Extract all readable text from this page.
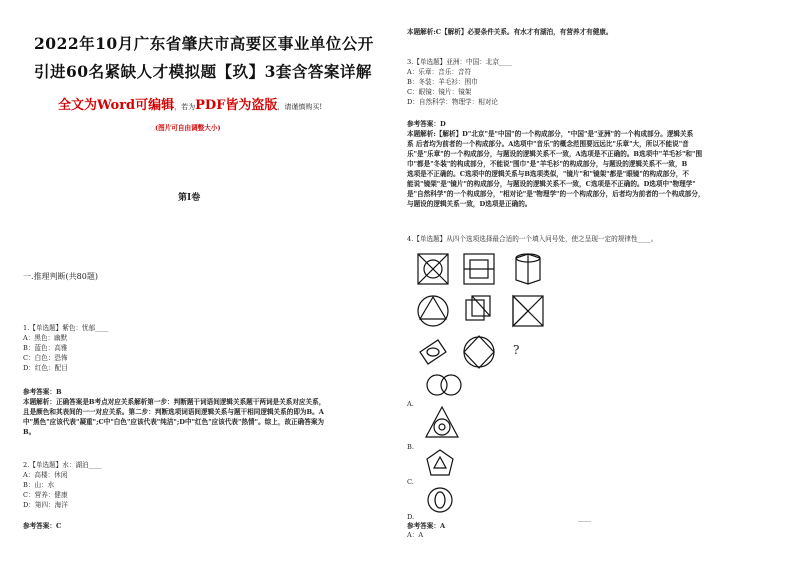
2022年10月广东省肇庆市高要区事业单位公开
引进60名紧缺人才模拟题【玖】3套含答案详解
全文为Word可编辑，若为PDF皆为盗版，请谨慎购买!
(图片可自由调整大小)
第Ⅰ卷
一.推理判断(共80题)
1.【单选题】紫色：忧郁____
A：黑色：幽默
B：蓝色：高雅
C：白色：恐怖
D：红色：配目
参考答案：B
本题解析：正确答案是B考点对应关系解析第一步：判断题干词语间逻辑关系题干两词是关系对应关系，
且是颜色和其表间的一一对应关系。第二步：判断选项词语间逻辑关系与题干相同逻辑关系的即为B。A
中"黑色"应该代表"凝重";C中"白色"应该代表"纯洁";D中"红色"应该代表"热情"。综上，故正确答案为
B。
2.【单选题】水：湖泊____
A：高楼：休闲
B：山：水
C：营养：健康
D：第四：海洋
参考答案：C
本题解析:C【解析】必要条件关系。有水才有湖泊，有营养才有健康。
3.【单选题】亚洲：中国：北京____
A：乐章：音乐：音符
B：冬装：羊毛衫：围巾
C：眼镜：镜片：镜架
D：自然科学：物理学：相对论
参考答案：D
本题解析:【解析】D"北京"是"中国"的一个构成部分，"中国"是"亚洲"的一个构成部分。逻辑关系
系 后者均为前者的一个构成部分。A选项中"音乐"的概念范围要远远比"乐章"大，所以不能说"音
乐"是"乐章"的一个构成部分，与题设的逻辑关系不一致，A选项是不正确的。B选项中"羊毛衫"和"围
巾"都是"冬装"的构成部分，不能说"围巾"是"羊毛衫"的构成部分，与题设的逻辑关系不一致，B
选项是不正确的。C选项中的逻辑关系与B选项类似，"镜片"和"镜架"都是"眼镜"的构成部分，不
能说"镜架"是"镜片"的构成部分，与题设的逻辑关系不一致，C选项是不正确的。D选项中"物理学"
是"自然科学"的一个构成部分，"相对论"是"物理学"的一个构成部分，后者均为前者的一个构成部分，
与题设的逻辑关系一致，D选项是正确的。
4.【单选题】从四个选项选择最合适的一个填入问号处，使之呈现一定的规律性____。
?
A.
B.
C.
D.	____
参考答案：A
A：A
